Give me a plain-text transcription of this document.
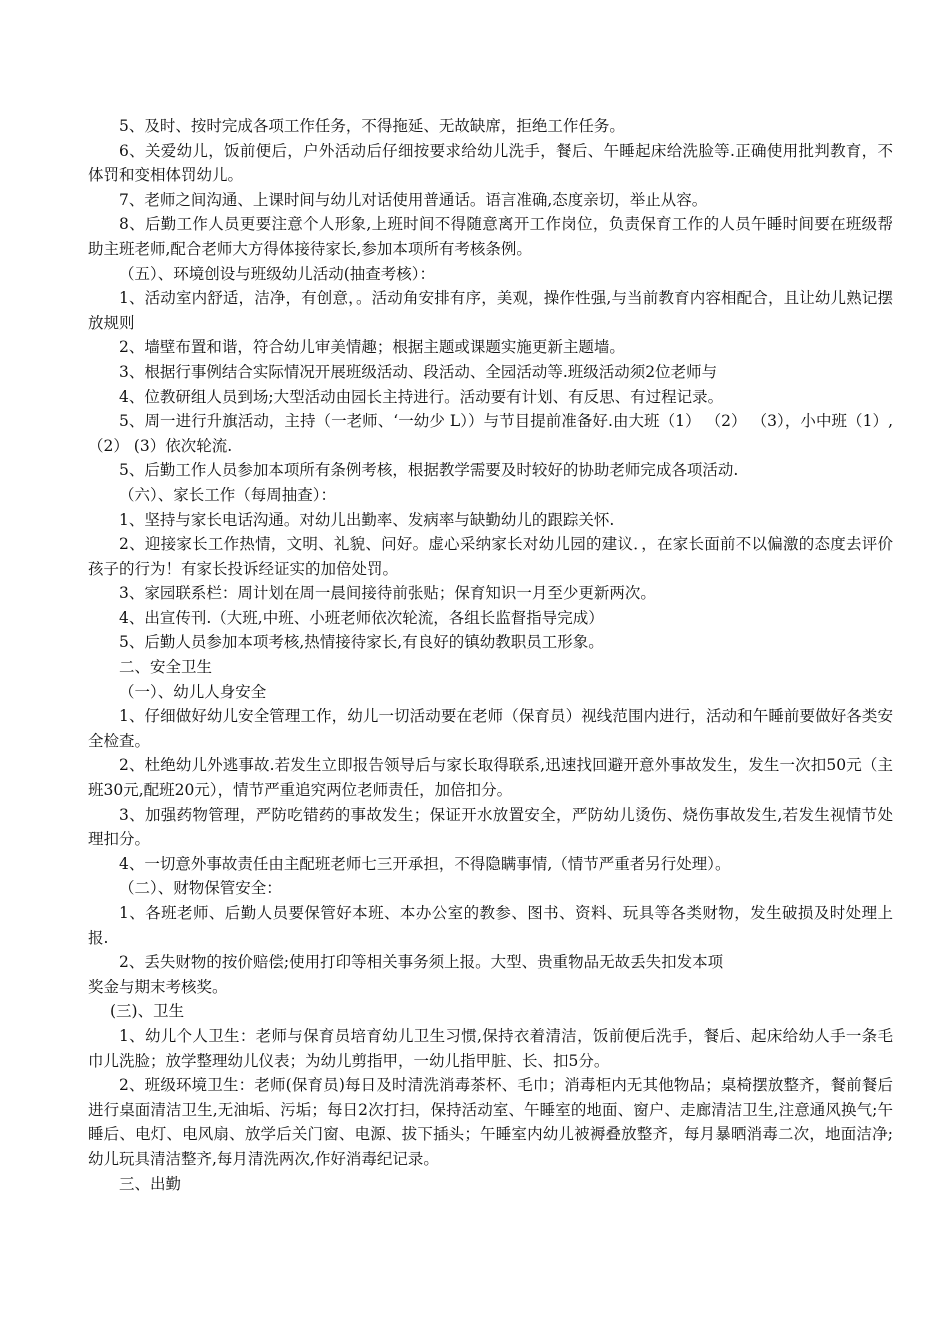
5、及时、按时完成各项工作任务，不得拖延、无故缺席，拒绝工作任务。

6、关爱幼儿，饭前便后，户外活动后仔细按要求给幼儿洗手，餐后、午睡起床给洗脸等.正确使用批判教育，不体罚和变相体罚幼儿。

7、老师之间沟通、上课时间与幼儿对话使用普通话。语言准确,态度亲切，举止从容。

8、后勤工作人员更要注意个人形象,上班时间不得随意离开工作岗位，负责保育工作的人员午睡时间要在班级帮助主班老师,配合老师大方得体接待家长,参加本项所有考核条例。

（五）、环境创设与班级幼儿活动(抽查考核）：

1、活动室内舒适，洁净，有创意，。活动角安排有序，美观，操作性强,与当前教育内容相配合，且让幼儿熟记摆放规则

2、墙壁布置和谐，符合幼儿审美情趣；根据主题或课题实施更新主题墙。

3、根据行事例结合实际情况开展班级活动、段活动、全园活动等.班级活动须2位老师与

4、位教研组人员到场;大型活动由园长主持进行。活动要有计划、有反思、有过程记录。

5、周一进行升旗活动，主持（一老师、‘一幼少 L））与节目提前准备好.由大班（1） （2） （3），小中班（1）,（2） (3）依次轮流.

5、后勤工作人员参加本项所有条例考核，根据教学需要及时较好的协助老师完成各项活动.

（六）、家长工作（每周抽查）：

1、坚持与家长电话沟通。对幼儿出勤率、发病率与缺勤幼儿的跟踪关怀.

2、迎接家长工作热情，文明、礼貌、问好。虚心采纳家长对幼儿园的建议．，在家长面前不以偏激的态度去评价孩子的行为！有家长投诉经证实的加倍处罚。

3、家园联系栏：周计划在周一晨间接待前张贴；保育知识一月至少更新两次。

4、出宣传刊.（大班,中班、小班老师依次轮流，各组长监督指导完成）

5、后勤人员参加本项考核,热情接待家长,有良好的镇幼教职员工形象。

二、安全卫生

（一）、幼儿人身安全

1、仔细做好幼儿安全管理工作，幼儿一切活动要在老师（保育员）视线范围内进行，活动和午睡前要做好各类安全检查。

2、杜绝幼儿外逃事故.若发生立即报告领导后与家长取得联系,迅速找回避开意外事故发生，发生一次扣50元（主班30元,配班20元），情节严重追究两位老师责任，加倍扣分。

3、加强药物管理，严防吃错药的事故发生；保证开水放置安全，严防幼儿烫伤、烧伤事故发生,若发生视情节处理扣分。

4、一切意外事故责任由主配班老师七三开承担，不得隐瞒事情,（情节严重者另行处理）。

（二）、财物保管安全：

1、各班老师、后勤人员要保管好本班、本办公室的教参、图书、资料、玩具等各类财物，发生破损及时处理上报.

2、丢失财物的按价赔偿;使用打印等相关事务须上报。大型、贵重物品无故丢失扣发本项

奖金与期末考核奖。

(三)、卫生

1、幼儿个人卫生：老师与保育员培育幼儿卫生习惯,保持衣着清洁，饭前便后洗手，餐后、起床给幼人手一条毛巾儿洗脸；放学整理幼儿仪表；为幼儿剪指甲，一幼儿指甲脏、长、扣5分。

2、班级环境卫生：老师(保育员)每日及时清洗消毒茶杯、毛巾；消毒柜内无其他物品；桌椅摆放整齐，餐前餐后进行桌面清洁卫生,无油垢、污垢；每日2次打扫，保持活动室、午睡室的地面、窗户、走廊清洁卫生,注意通风换气;午睡后、电灯、电风扇、放学后关门窗、电源、拔下插头；午睡室内幼儿被褥叠放整齐，每月暴晒消毒二次，地面洁净;幼儿玩具清洁整齐,每月清洗两次,作好消毒纪记录。

三、出勤
